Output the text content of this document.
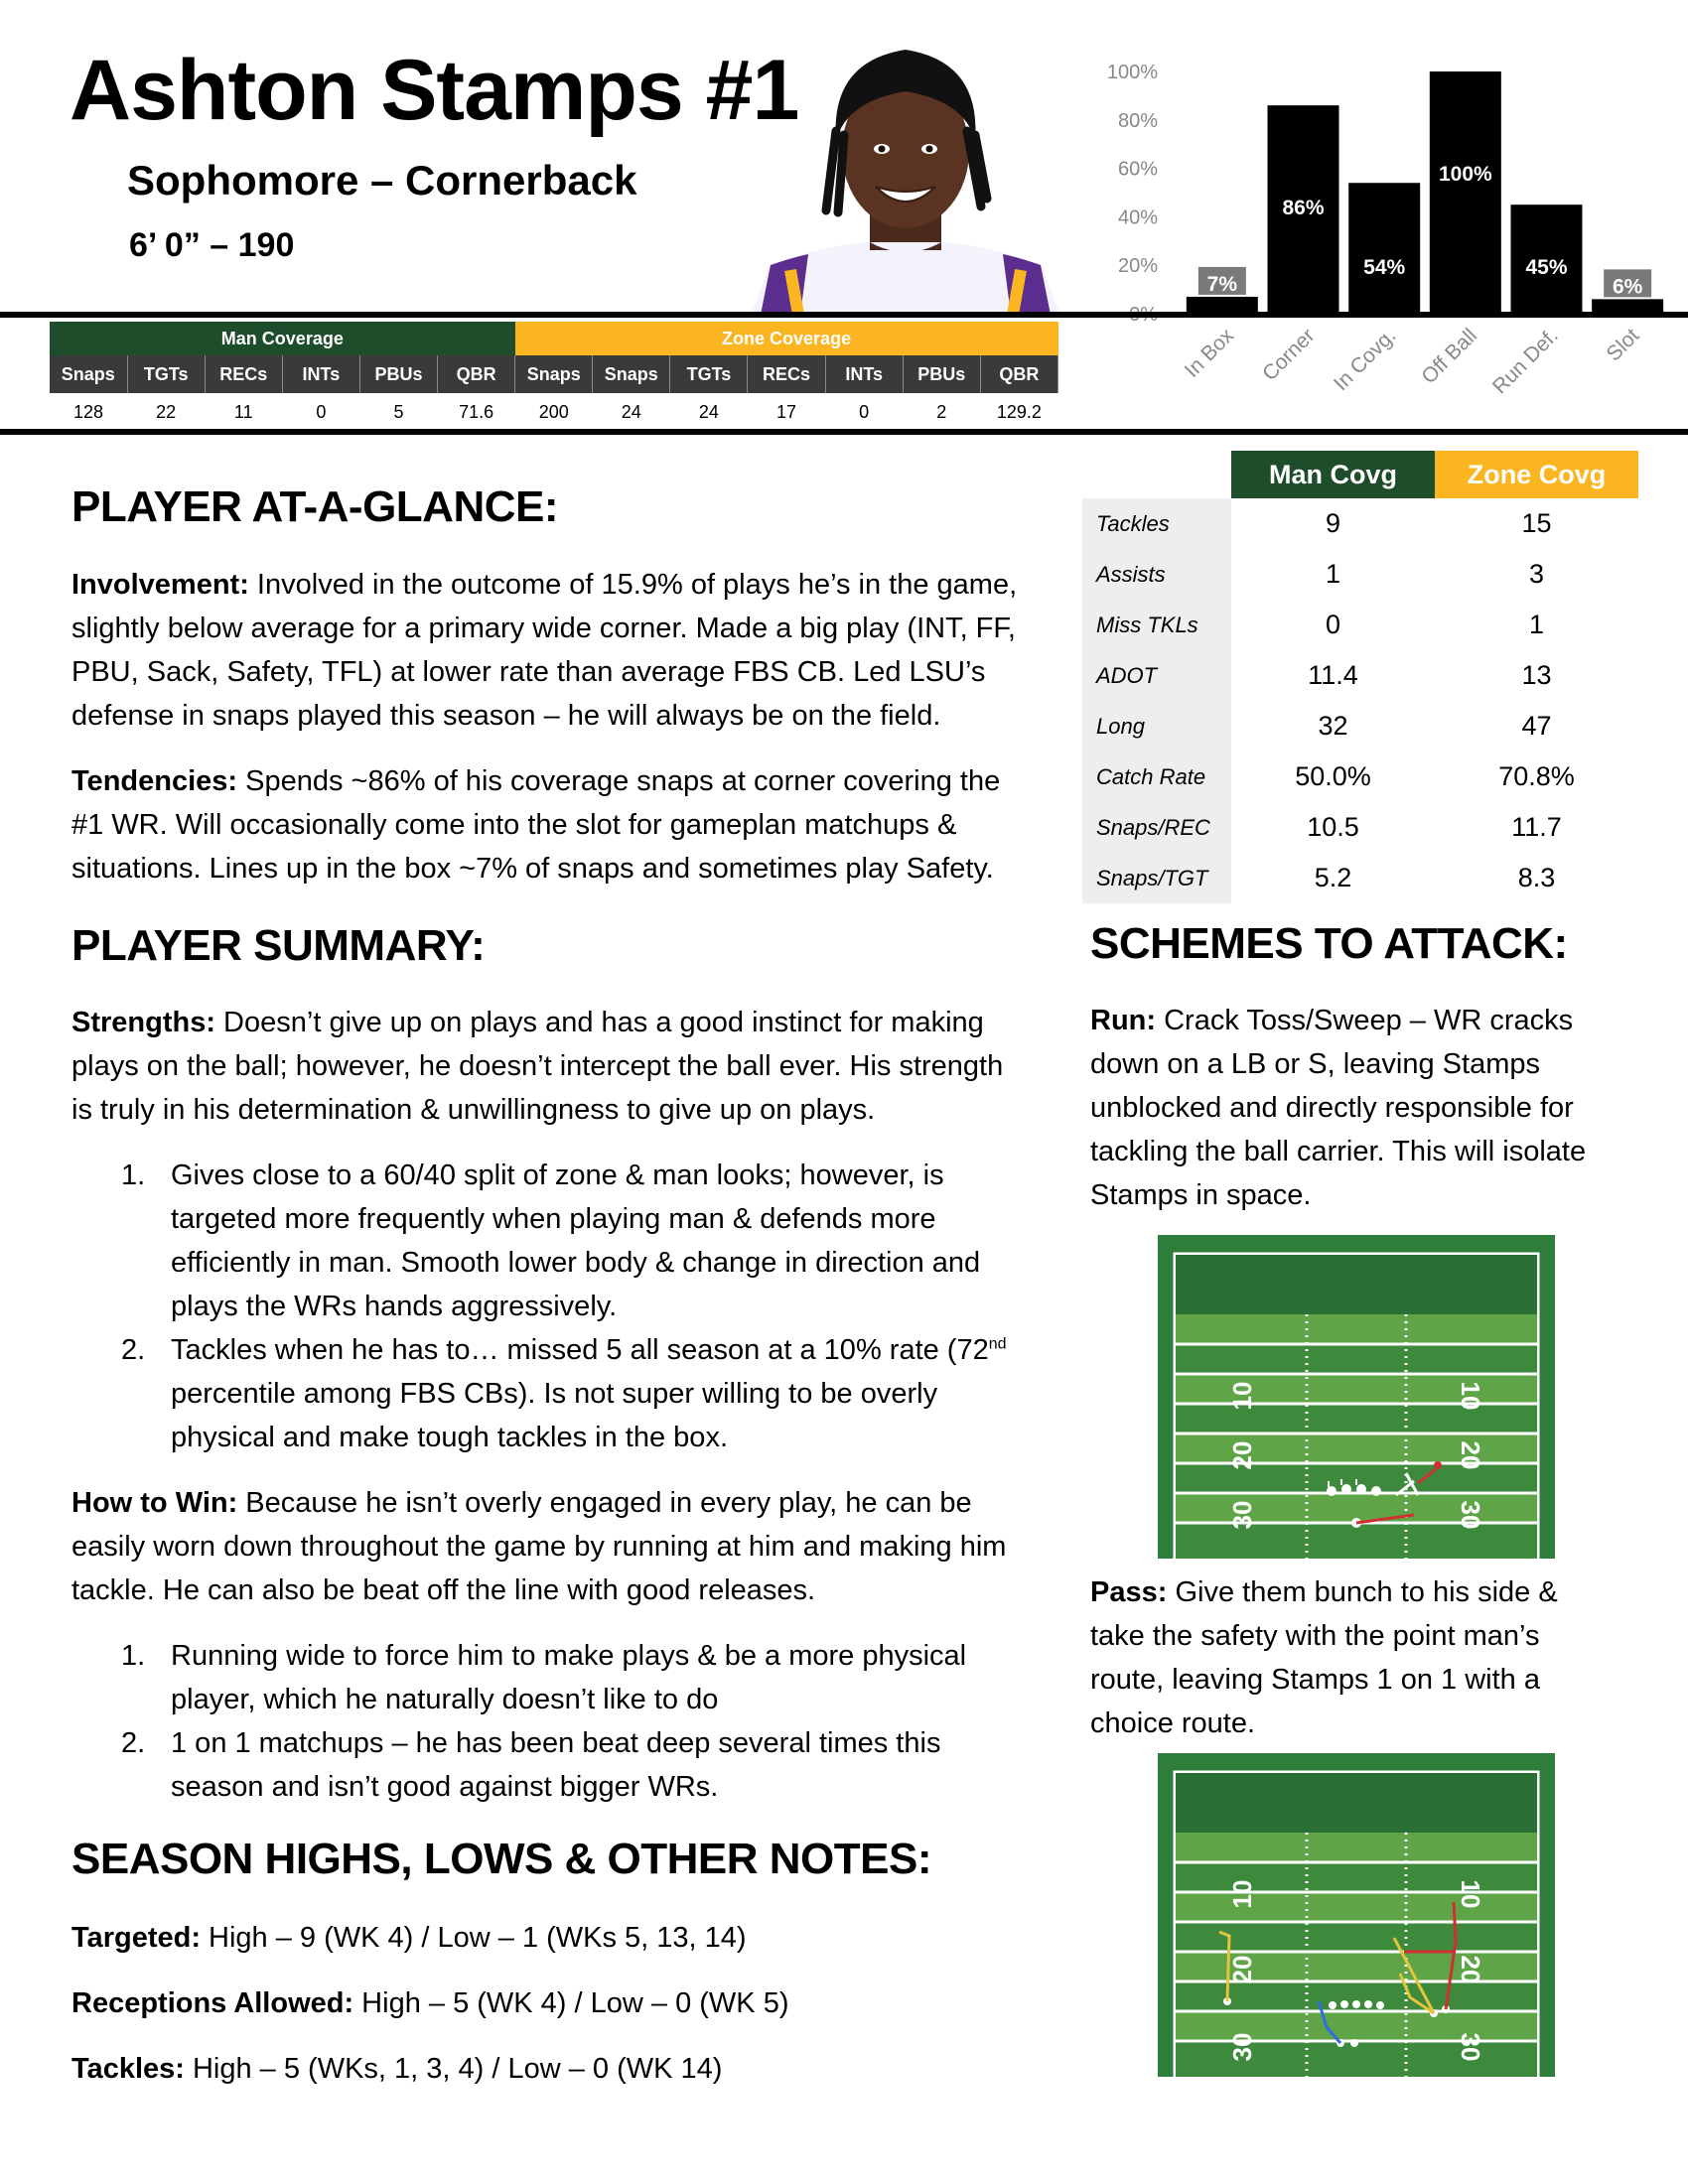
Ashton Stamps #1
Sophomore – Cornerback
6’ 0” – 190
20%
40%
60%
80%
100%
7%
In Box
86%
Corner
54%
In Covg.
100%
Off Ball
45%
Run Def.
6%
Slot
Man Coverage						Zone Coverage						
Snaps	TGTs	RECs	INTs	PBUs	QBR	Snaps	Snaps	TGTs	RECs	INTs	PBUs	QBR
128	22	11	0	5	71.6	200	24	24	17	0	2	129.2
PLAYER AT-A-GLANCE:
Involvement: Involved in the outcome of 15.9% of plays he’s in the game,
slightly below average for a primary wide corner. Made a big play (INT, FF,
PBU, Sack, Safety, TFL) at lower rate than average FBS CB. Led LSU’s
defense in snaps played this season – he will always be on the field.
Tendencies: Spends ~86% of his coverage snaps at corner covering the
#1 WR. Will occasionally come into the slot for gameplan matchups &
situations. Lines up in the box ~7% of snaps and sometimes play Safety.
PLAYER SUMMARY:
Strengths: Doesn’t give up on plays and has a good instinct for making
plays on the ball; however, he doesn’t intercept the ball ever. His strength
is truly in his determination & unwillingness to give up on plays.
1. Gives close to a 60/40 split of zone & man looks; however, is
targeted more frequently when playing man & defends more
efficiently in man. Smooth lower body & change in direction and
plays the WRs hands aggressively.
2. Tackles when he has to… missed 5 all season at a 10% rate (72nd
percentile among FBS CBs). Is not super willing to be overly
physical and make tough tackles in the box.
How to Win: Because he isn’t overly engaged in every play, he can be
easily worn down throughout the game by running at him and making him
tackle. He can also be beat off the line with good releases.
1. Running wide to force him to make plays & be a more physical
player, which he naturally doesn’t like to do
2. 1 on 1 matchups – he has been beat deep several times this
season and isn’t good against bigger WRs.
SEASON HIGHS, LOWS & OTHER NOTES:
Targeted: High – 9 (WK 4) / Low – 1 (WKs 5, 13, 14)
Receptions Allowed: High – 5 (WK 4) / Low – 0 (WK 5)
Tackles: High – 5 (WKs, 1, 3, 4) / Low – 0 (WK 14)
	Man Covg	Zone Covg
Tackles	9	15
Assists	1	3
Miss TKLs	0	1
ADOT	11.4	13
Long	32	47
Catch Rate	50.0%	70.8%
Snaps/REC	10.5	11.7
Snaps/TGT	5.2	8.3
SCHEMES TO ATTACK:
Run: Crack Toss/Sweep – WR cracks
down on a LB or S, leaving Stamps
unblocked and directly responsible for
tackling the ball carrier. This will isolate
Stamps in space.
10
20
30
10
20
30
Pass: Give them bunch to his side &
take the safety with the point man’s
route, leaving Stamps 1 on 1 with a
choice route.
10
20
30
10
20
30
